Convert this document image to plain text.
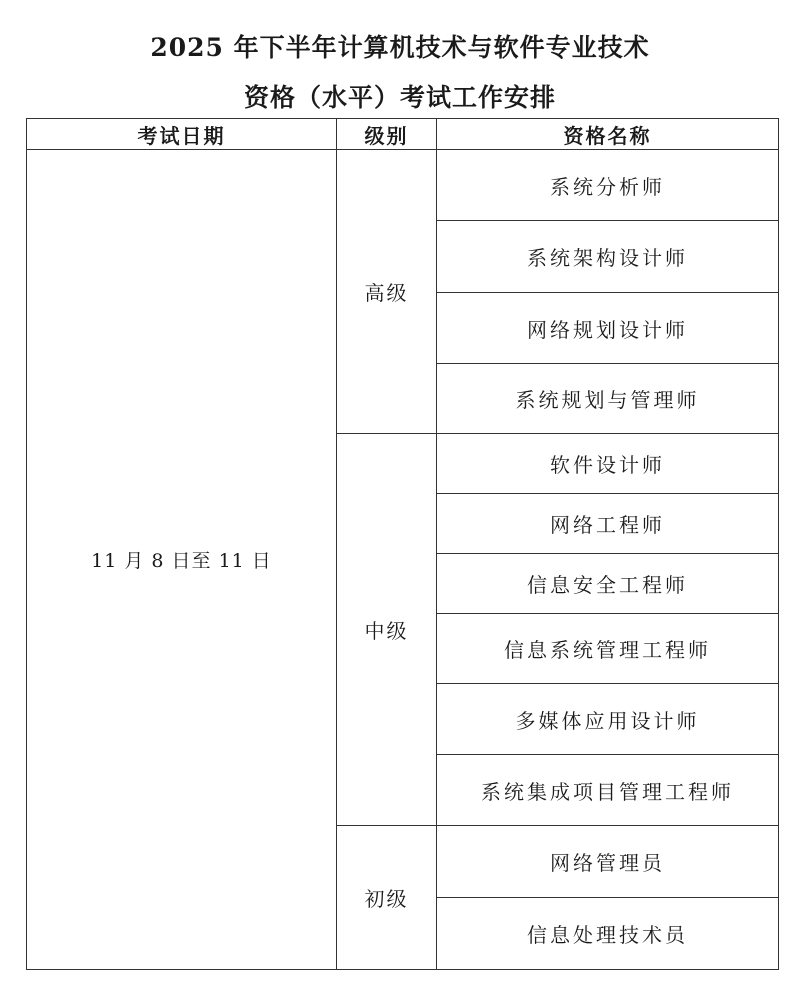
2025 年下半年计算机技术与软件专业技术
资格（水平）考试工作安排
考试日期	级别	资格名称
11 月 8 日至 11 日	高级	系统分析师
		系统架构设计师
		网络规划设计师
		系统规划与管理师
	中级	软件设计师
		网络工程师
		信息安全工程师
		信息系统管理工程师
		多媒体应用设计师
		系统集成项目管理工程师
	初级	网络管理员
		信息处理技术员
